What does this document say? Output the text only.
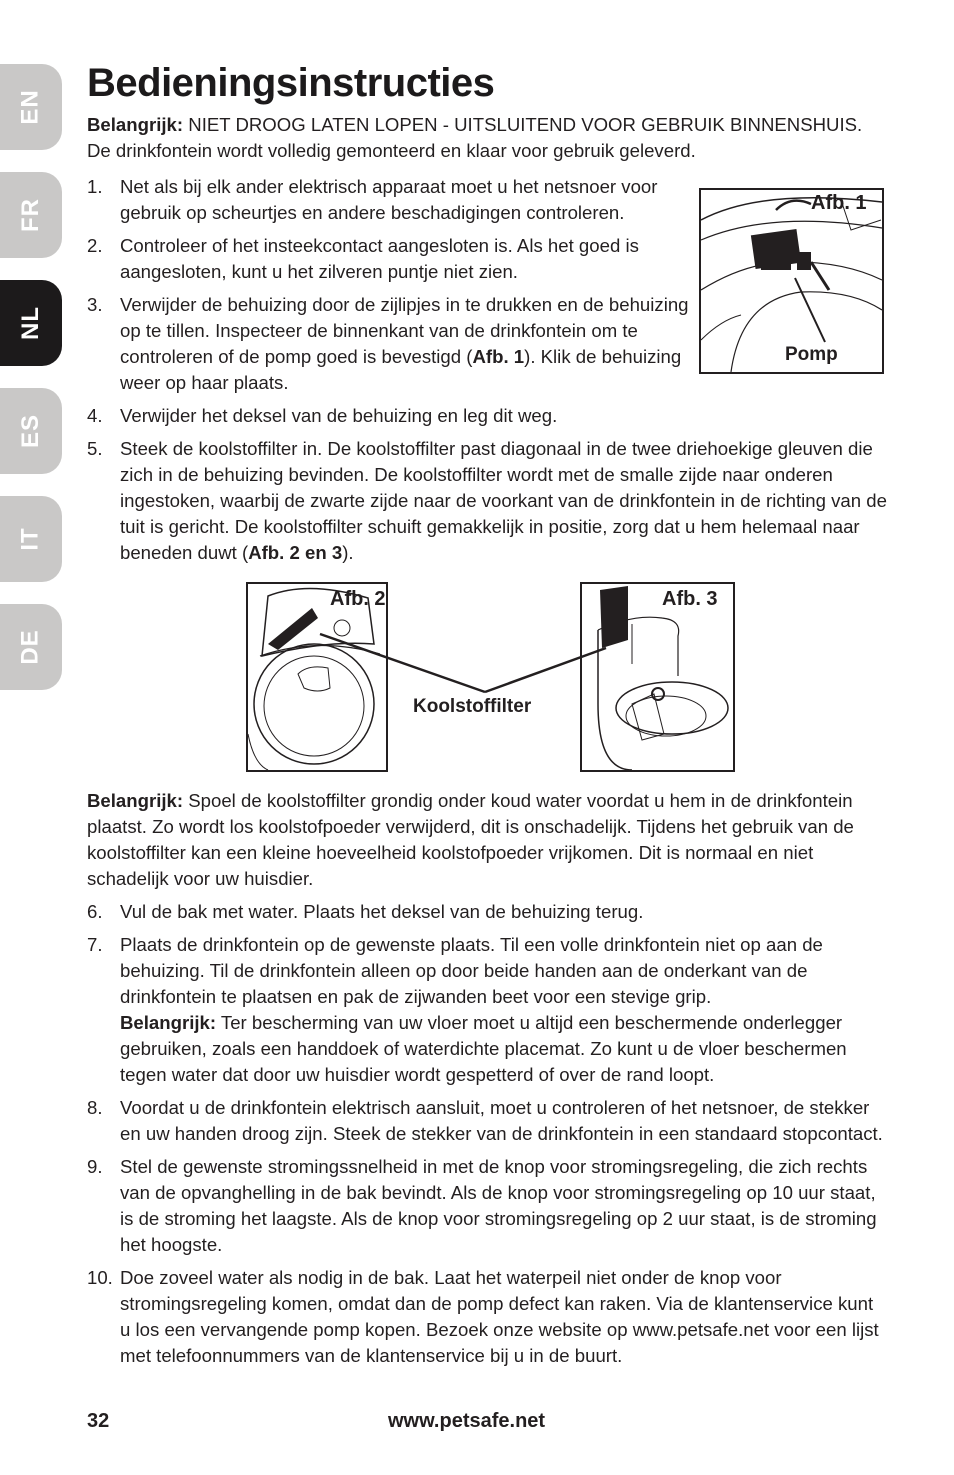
EN
FR
NL
ES
IT
DE
Bedieningsinstructies

Belangrijk: NIET DROOG LATEN LOPEN - UITSLUITEND VOOR GEBRUIK BINNENSHUIS. De drinkfontein wordt volledig gemonteerd en klaar voor gebruik geleverd.

Afb. 1
Pomp
1. Net als bij elk ander elektrisch apparaat moet u het netsnoer voor gebruik op scheurtjes en andere beschadigingen controleren.
2. Controleer of het insteekcontact aangesloten is. Als het goed is aangesloten, kunt u het zilveren puntje niet zien.
3. Verwijder de behuizing door de zijlipjes in te drukken en de behuizing op te tillen. Inspecteer de binnenkant van de drinkfontein om te controleren of de pomp goed is bevestigd (Afb. 1). Klik de behuizing weer op haar plaats.
4. Verwijder het deksel van de behuizing en leg dit weg.
5. Steek de koolstoffilter in. De koolstoffilter past diagonaal in de twee driehoekige gleuven die zich in de behuizing bevinden. De koolstoffilter wordt met de smalle zijde naar onderen ingestoken, waarbij de zwarte zijde naar de voorkant van de drinkfontein in de richting van de tuit is gericht. De koolstoffilter schuift gemakkelijk in positie, zorg dat u hem helemaal naar beneden duwt (Afb. 2 en 3).
Afb. 2	Afb. 3
Koolstoffilter

Belangrijk: Spoel de koolstoffilter grondig onder koud water voordat u hem in de drinkfontein plaatst. Zo wordt los koolstofpoeder verwijderd, dit is onschadelijk. Tijdens het gebruik van de koolstoffilter kan een kleine hoeveelheid koolstofpoeder vrijkomen. Dit is normaal en niet schadelijk voor uw huisdier.

6. Vul de bak met water. Plaats het deksel van de behuizing terug.
7. Plaats de drinkfontein op de gewenste plaats. Til een volle drinkfontein niet op aan de behuizing. Til de drinkfontein alleen op door beide handen aan de onderkant van de drinkfontein te plaatsen en pak de zijwanden beet voor een stevige grip.
Belangrijk: Ter bescherming van uw vloer moet u altijd een beschermende onderlegger gebruiken, zoals een handdoek of waterdichte placemat. Zo kunt u de vloer beschermen tegen water dat door uw huisdier wordt gespetterd of over de rand loopt.
8. Voordat u de drinkfontein elektrisch aansluit, moet u controleren of het netsnoer, de stekker en uw handen droog zijn. Steek de stekker van de drinkfontein in een standaard stopcontact.
9. Stel de gewenste stromingssnelheid in met de knop voor stromingsregeling, die zich rechts van de opvanghelling in de bak bevindt. Als de knop voor stromingsregeling op 10 uur staat, is de stroming het laagste. Als de knop voor stromingsregeling op 2 uur staat, is de stroming het hoogste.
10. Doe zoveel water als nodig in de bak. Laat het waterpeil niet onder de knop voor stromingsregeling komen, omdat dan de pomp defect kan raken. Via de klantenservice kunt u los een vervangende pomp kopen. Bezoek onze website op www.petsafe.net voor een lijst met telefoonnummers van de klantenservice bij u in de buurt.
32	www.petsafe.net
